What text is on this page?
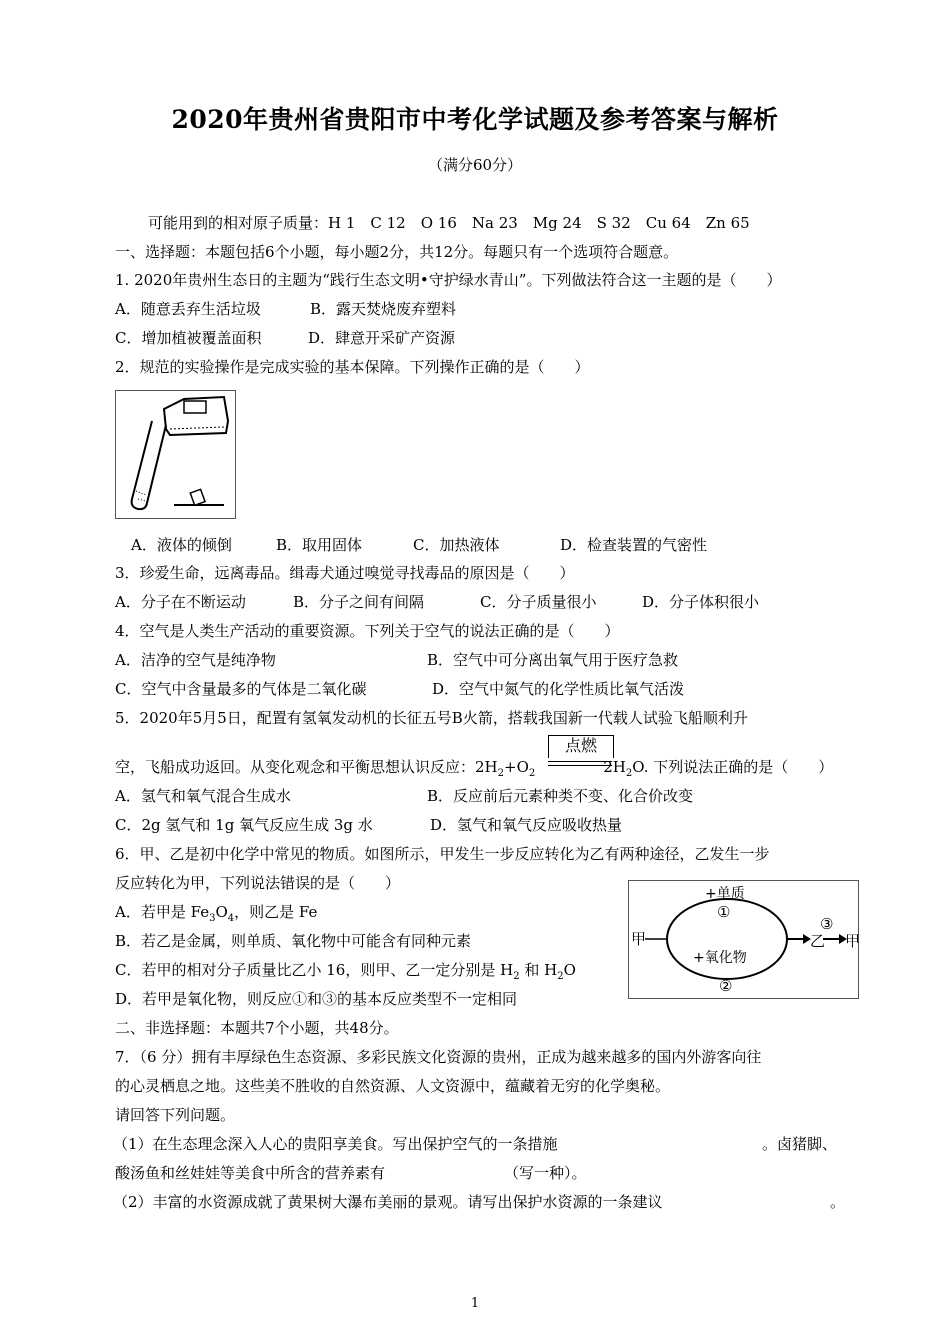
2020年贵州省贵阳市中考化学试题及参考答案与解析
（满分60分）
可能用到的相对原子质量：H 1　C 12　O 16　Na 23　Mg 24　S 32　Cu 64　Zn 65
一、选择题：本题包括6个小题，每小题2分，共12分。每题只有一个选项符合题意。
1. 2020年贵州生态日的主题为“践行生态文明•守护绿水青山”。下列做法符合这一主题的是（　　）
A．随意丢弃生活垃圾	B．露天焚烧废弃塑料
C．增加植被覆盖面积	D．肆意开采矿产资源
2．规范的实验操作是完成实验的基本保障。下列操作正确的是（　　）
A．液体的倾倒	B．取用固体	C．加热液体	D．检查装置的气密性
3．珍爱生命，远离毒品。缉毒犬通过嗅觉寻找毒品的原因是（　　）
A．分子在不断运动	B．分子之间有间隔	C．分子质量很小	D．分子体积很小
4．空气是人类生产活动的重要资源。下列关于空气的说法正确的是（　　）
A．洁净的空气是纯净物	B．空气中可分离出氧气用于医疗急救
C．空气中含量最多的气体是二氧化碳	D．空气中氮气的化学性质比氧气活泼
5．2020年5月5日，配置有氢氧发动机的长征五号B火箭，搭载我国新一代载人试验飞船顺利升
空，飞船成功返回。从变化观念和平衡思想认识反应：$2H_2+O_2$	$2H_2O$. 下列说法正确的是（　　）
点燃
A．氢气和氧气混合生成水	B．反应前后元素种类不变、化合价改变
C．2g 氢气和 1g 氧气反应生成 3g 水	D．氢气和氧气反应吸收热量
6．甲、乙是初中化学中常见的物质。如图所示，甲发生一步反应转化为乙有两种途径，乙发生一步
反应转化为甲，下列说法错误的是（　　）
A．若甲是 $Fe_3O_4$，则乙是 Fe
B．若乙是金属，则单质、氧化物中可能含有同种元素
C．若甲的相对分子质量比乙小 16，则甲、乙一定分别是 $H_2$ 和 $H_2O$
D．若甲是氧化物，则反应①和③的基本反应类型不一定相同
+单质
①
+氧化物
②
甲	乙
③
甲
二、非选择题：本题共7个小题，共48分。
7．（6 分）拥有丰厚绿色生态资源、多彩民族文化资源的贵州，正成为越来越多的国内外游客向往
的心灵栖息之地。这些美不胜收的自然资源、人文资源中，蕴藏着无穷的化学奥秘。
请回答下列问题。
（1）在生态理念深入人心的贵阳享美食。写出保护空气的一条措施	。卤猪脚、
酸汤鱼和丝娃娃等美食中所含的营养素有	（写一种）。
（2）丰富的水资源成就了黄果树大瀑布美丽的景观。请写出保护水资源的一条建议	。
1
